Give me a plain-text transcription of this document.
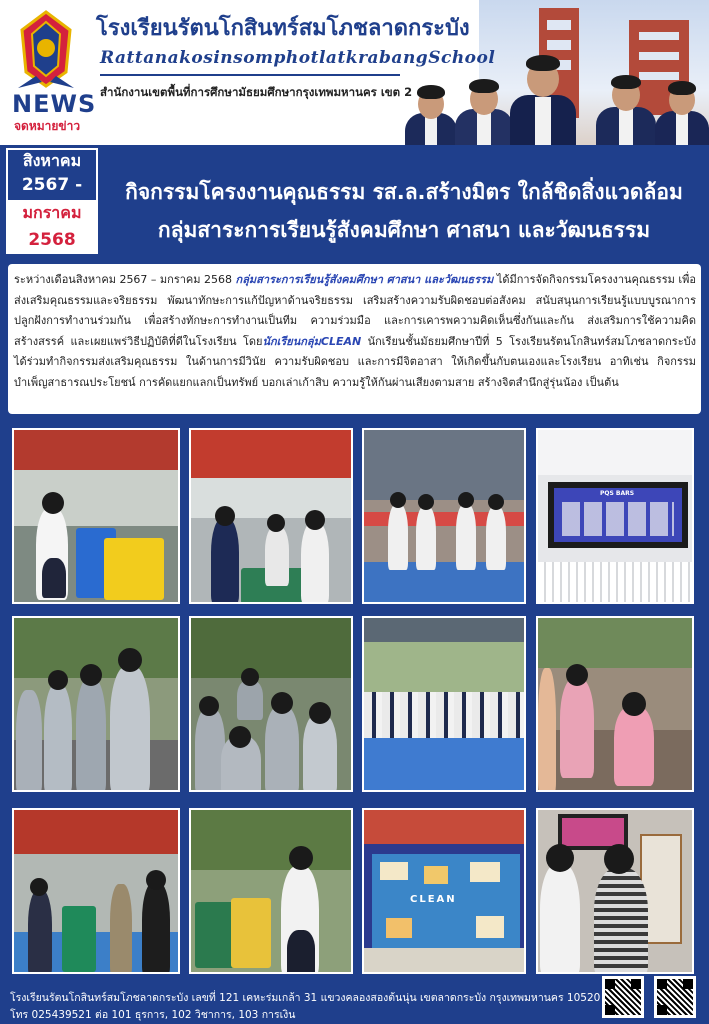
NEWS
จดหมายข่าว
โรงเรียนรัตนโกสินทร์สมโภชลาดกระบัง
RattanakosinsomphotlatkrabangSchool
สำนักงานเขตพื้นที่การศึกษามัธยมศึกษากรุงเทพมหานคร เขต 2
สิงหาคม
2567 -
มกราคม
2568
กิจกรรมโครงงานคุณธรรม รส.ล.สร้างมิตร ใกล้ชิดสิ่งแวดล้อม
กลุ่มสาระการเรียนรู้สังคมศึกษา ศาสนา และวัฒนธรรม

ระหว่างเดือนสิงหาคม 2567 – มกราคม 2568 กลุ่มสาระการเรียนรู้สังคมศึกษา ศาสนา และวัฒนธรรม ได้มีการจัดกิจกรรมโครงงานคุณธรรม เพื่อส่งเสริมคุณธรรมและจริยธรรม พัฒนาทักษะการแก้ปัญหาด้านจริยธรรม เสริมสร้างความรับผิดชอบต่อสังคม สนับสนุนการเรียนรู้แบบบูรณาการ ปลูกฝังการทำงานร่วมกัน เพื่อสร้างทักษะการทำงานเป็นทีม ความร่วมมือ และการเคารพความคิดเห็นซึ่งกันและกัน ส่งเสริมการใช้ความคิดสร้างสรรค์ และเผยแพร่วิธีปฏิบัติที่ดีในโรงเรียน โดยนักเรียนกลุ่มCLEAN นักเรียนชั้นมัธยมศึกษาปีที่ 5 โรงเรียนรัตนโกสินทร์สมโภชลาดกระบัง ได้ร่วมทำกิจกรรมส่งเสริมคุณธรรม ในด้านการมีวินัย ความรับผิดชอบ และการมีจิตอาสา ให้เกิดขึ้นกับตนเองและโรงเรียน อาทิเช่น กิจกรรมบำเพ็ญสาธารณประโยชน์ การคัดแยกแลกเป็นทรัพย์ บอกเล่าเก้าสิบ ความรู้ให้กันผ่านเสียงตามสาย สร้างจิตสำนึกสู่รุ่นน้อง เป็นต้น

PQS BARS
CLEAN
โรงเรียนรัตนโกสินทร์สมโภชลาดกระบัง เลขที่ 121 เคหะร่มเกล้า 31 แขวงคลองสองต้นนุ่น เขตลาดกระบัง กรุงเทพมหานคร 10520
โทร 025439521 ต่อ 101 ธุรการ, 102 วิชาการ, 103 การเงิน
